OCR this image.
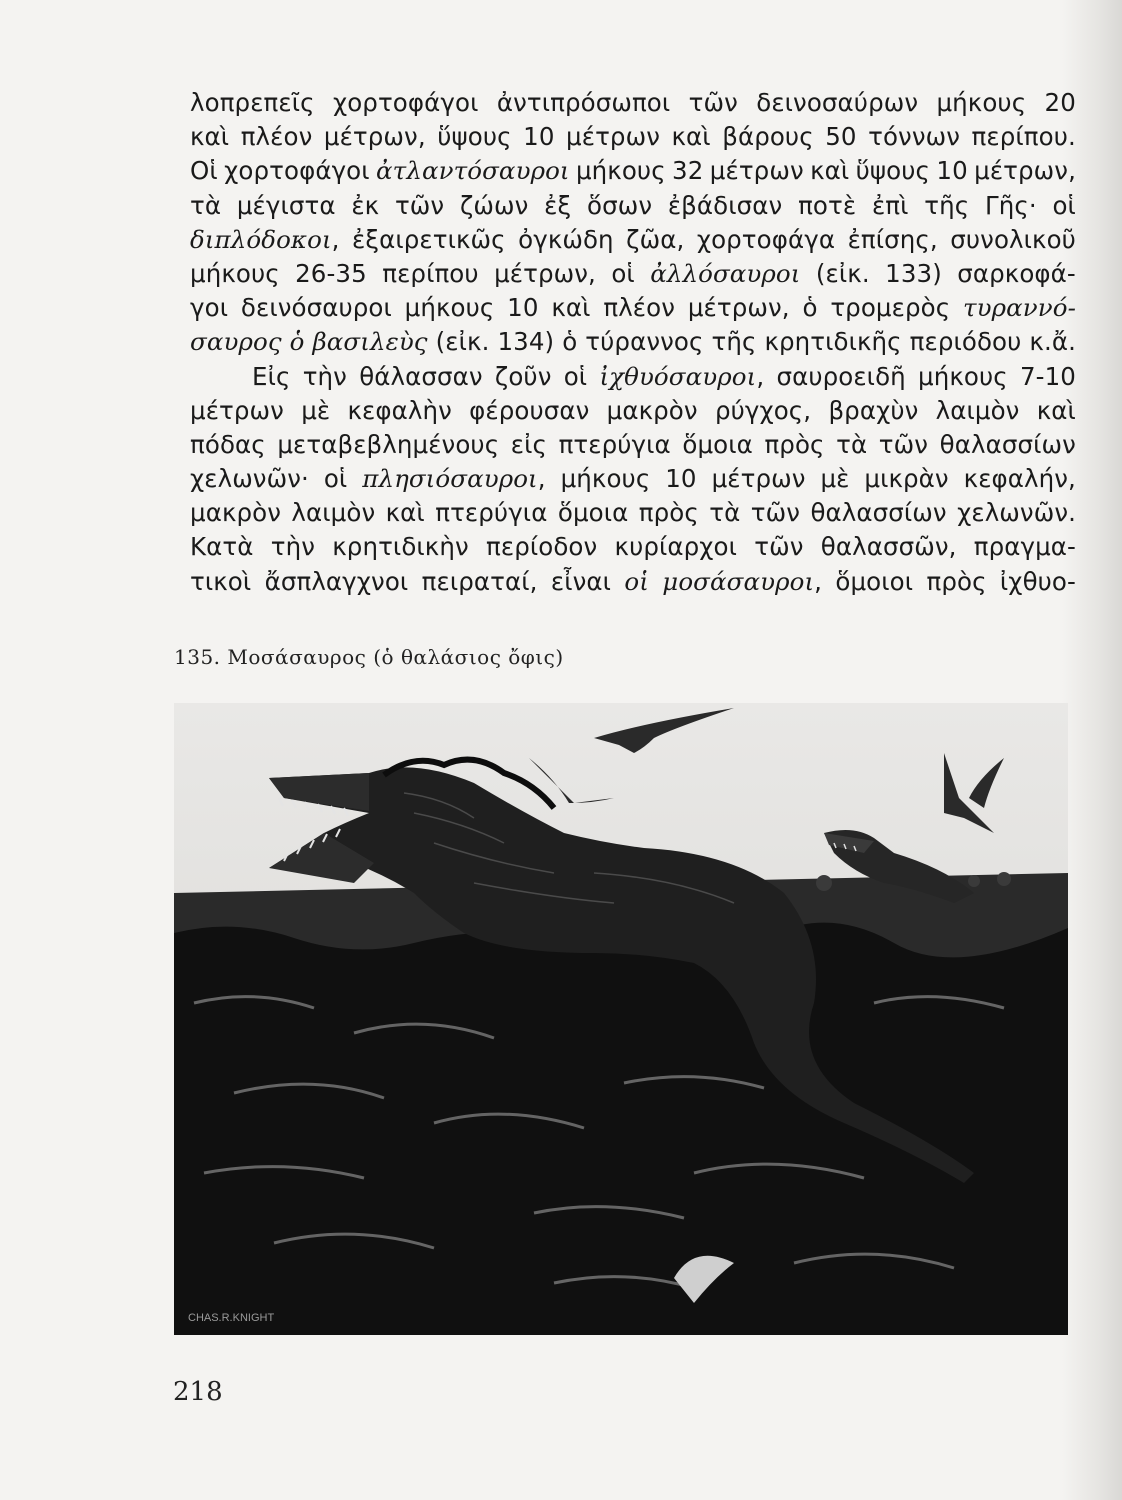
λοπρεπεῖς χορτοφάγοι ἀντιπρόσωποι τῶν δεινοσαύρων μήκους 20
καὶ πλέον μέτρων, ὕψους 10 μέτρων καὶ βάρους 50 τόννων περίπου.
Οἱ χορτοφάγοι ἀτλαντόσαυροι μήκους 32 μέτρων καὶ ὕψους 10 μέτρων,
τὰ μέγιστα ἐκ τῶν ζώων ἐξ ὅσων ἐβάδισαν ποτὲ ἐπὶ τῆς Γῆς· οἱ
διπλόδοκοι, ἐξαιρετικῶς ὀγκώδη ζῶα, χορτοφάγα ἐπίσης, συνολικοῦ
μήκους 26-35 περίπου μέτρων, οἱ ἀλλόσαυροι (εἰκ. 133) σαρκοφά-
γοι δεινόσαυροι μήκους 10 καὶ πλέον μέτρων, ὁ τρομερὸς τυραννό-
σαυρος ὁ βασιλεὺς (εἰκ. 134) ὁ τύραννος τῆς κρητιδικῆς περιόδου κ.ἄ.
Εἰς τὴν θάλασσαν ζοῦν οἱ ἰχθυόσαυροι, σαυροειδῆ μήκους 7-10
μέτρων μὲ κεφαλὴν φέρουσαν μακρὸν ρύγχος, βραχὺν λαιμὸν καὶ
πόδας μεταβεβλημένους εἰς πτερύγια ὅμοια πρὸς τὰ τῶν θαλασσίων
χελωνῶν· οἱ πλησιόσαυροι, μήκους 10 μέτρων μὲ μικρὰν κεφαλήν,
μακρὸν λαιμὸν καὶ πτερύγια ὅμοια πρὸς τὰ τῶν θαλασσίων χελωνῶν.
Κατὰ τὴν κρητιδικὴν περίοδον κυρίαρχοι τῶν θαλασσῶν, πραγμα-
τικοὶ ἄσπλαγχνοι πειραταί, εἶναι οἱ μοσάσαυροι, ὅμοιοι πρὸς ἰχθυο-
135. Μοσάσαυρος (ὁ θαλάσιος ὄφις)
CHAS.R.KNIGHT
218
